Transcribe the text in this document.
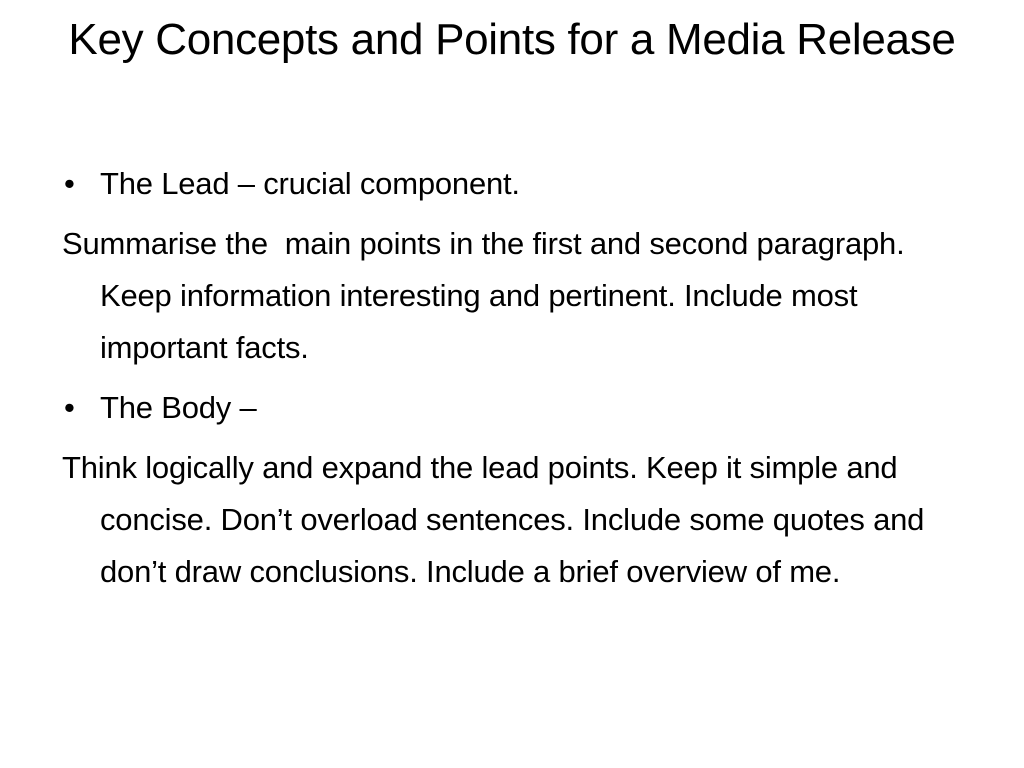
Key Concepts and Points for a Media Release
• The Lead – crucial component.
Summarise the  main points in the first and second paragraph. Keep information interesting and pertinent. Include most important facts.
• The Body –
Think logically and expand the lead points. Keep it simple and concise. Don’t overload sentences. Include some quotes and don’t draw conclusions. Include a brief overview of me.
